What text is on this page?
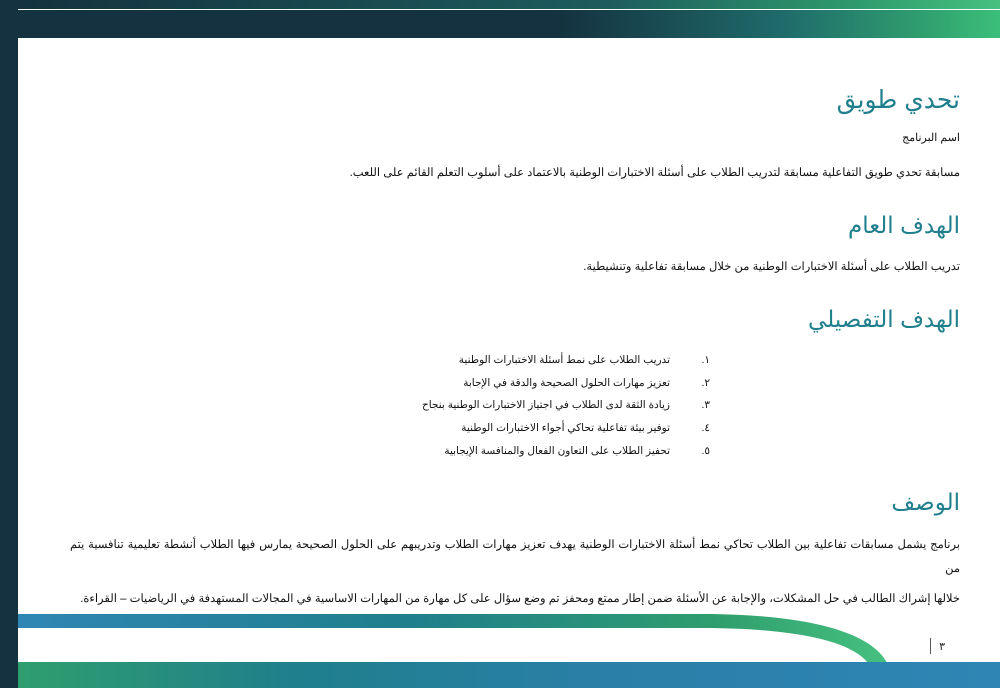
تحدي طويق
اسم البرنامج

مسابقة تحدي طويق التفاعلية مسابقة لتدريب الطلاب على أسئلة الاختبارات الوطنية بالاعتماد على أسلوب التعلم القائم على اللعب.

الهدف العام

تدريب الطلاب على أسئلة الاختبارات الوطنية من خلال مسابقة تفاعلية وتنشيطية.

الهدف التفصيلي
١.
تدريب الطلاب على نمط أسئلة الاختبارات الوطنية
٢.
تعزيز مهارات الحلول الصحيحة والدقة في الإجابة
٣.
زيادة الثقة لدى الطلاب في اجتياز الاختبارات الوطنية بنجاح
٤.
توفير بيئة تفاعلية تحاكي أجواء الاختبارات الوطنية
٥.
تحفيز الطلاب على التعاون الفعال والمنافسة الإيجابية
الوصف

برنامج يشمل مسابقات تفاعلية بين الطلاب تحاكي نمط أسئلة الاختبارات الوطنية يهدف تعزيز مهارات الطلاب وتدريبهم على الحلول الصحيحة يمارس فيها الطلاب أنشطة تعليمية تنافسية يتم من

خلالها إشراك الطالب في حل المشكلات، والإجابة عن الأسئلة ضمن إطار ممتع ومحفز تم وضع سؤال على كل مهارة من المهارات الاساسية في المجالات المستهدفة في الرياضيات – القراءة.

٣
